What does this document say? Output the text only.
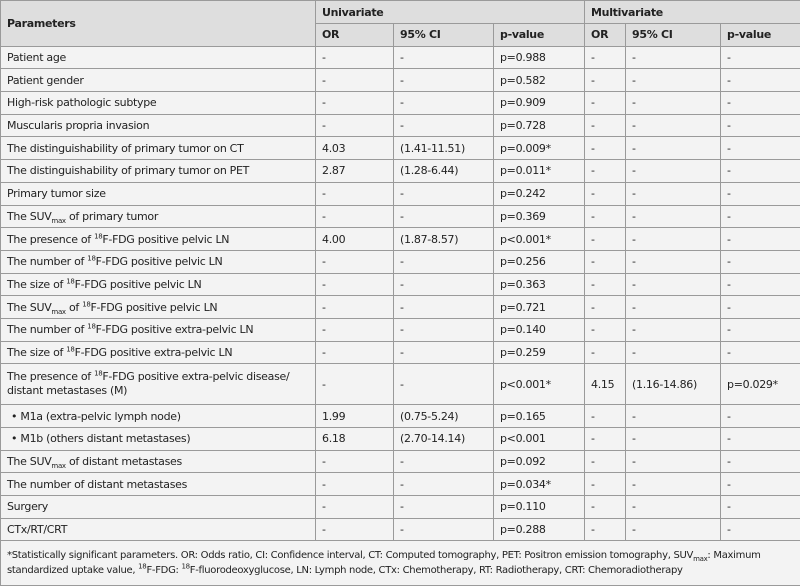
Parameters	Univariate			Multivariate		
	OR	95% CI	p-value	OR	95% CI	p-value
Patient age	-	-	p=0.988	-	-	-
Patient gender	-	-	p=0.582	-	-	-
High-risk pathologic subtype	-	-	p=0.909	-	-	-
Muscularis propria invasion	-	-	p=0.728	-	-	-
The distinguishability of primary tumor on CT	4.03	(1.41-11.51)	p=0.009*	-	-	-
The distinguishability of primary tumor on PET	2.87	(1.28-6.44)	p=0.011*	-	-	-
Primary tumor size	-	-	p=0.242	-	-	-
The $SUV_{max}$ of primary tumor	-	-	p=0.369	-	-	-
The presence of $^{18}$F-FDG positive pelvic LN	4.00	(1.87-8.57)	p<0.001*	-	-	-
The number of $^{18}$F-FDG positive pelvic LN	-	-	p=0.256	-	-	-
The size of $^{18}$F-FDG positive pelvic LN	-	-	p=0.363	-	-	-
The $SUV_{max}$ of $^{18}$F-FDG positive pelvic LN	-	-	p=0.721	-	-	-
The number of $^{18}$F-FDG positive extra-pelvic LN	-	-	p=0.140	-	-	-
The size of $^{18}$F-FDG positive extra-pelvic LN	-	-	p=0.259	-	-	-
The presence of $^{18}$F-FDG positive extra-pelvic disease/ distant metastases (M)	-	-	p<0.001*	4.15	(1.16-14.86)	p=0.029*
• M1a (extra-pelvic lymph node)	1.99	(0.75-5.24)	p=0.165	-	-	-
• M1b (others distant metastases)	6.18	(2.70-14.14)	p<0.001	-	-	-
The $SUV_{max}$ of distant metastases	-	-	p=0.092	-	-	-
The number of distant metastases	-	-	p=0.034*	-	-	-
Surgery	-	-	p=0.110	-	-	-
CTx/RT/CRT	-	-	p=0.288	-	-	-
*Statistically significant parameters. OR: Odds ratio, CI: Confidence interval, CT: Computed tomography, PET: Positron emission tomography, $SUV_{max}$: Maximum standardized uptake value, $^{18}$F-FDG: $^{18}$F-fluorodeoxyglucose, LN: Lymph node, CTx: Chemotherapy, RT: Radiotherapy, CRT: Chemoradiotherapy						
